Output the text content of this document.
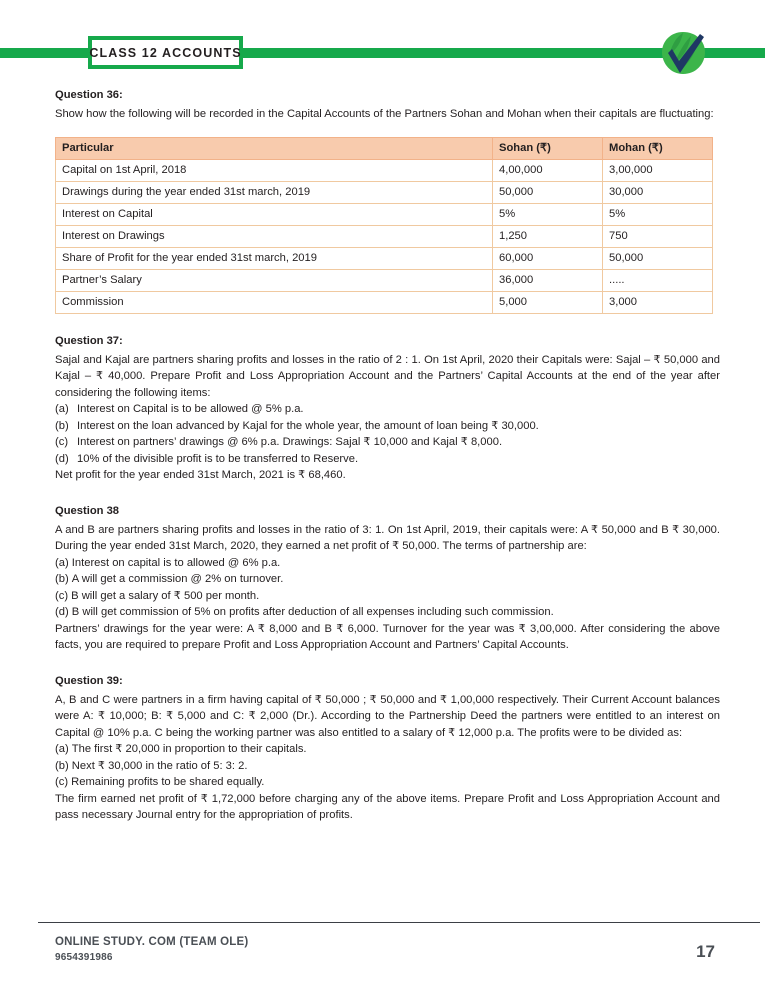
CLASS 12 ACCOUNTS

Question 36:

Show how the following will be recorded in the Capital Accounts of the Partners Sohan and Mohan when their capitals are fluctuating:

Particular	Sohan (₹)	Mohan (₹)
Capital on 1st April, 2018	4,00,000	3,00,000
Drawings during the year ended 31st march, 2019	50,000	30,000
Interest on Capital	5%	5%
Interest on Drawings	1,250	750
Share of Profit for the year ended 31st march, 2019	60,000	50,000
Partner’s Salary	36,000	.....
Commission	5,000	3,000

Question 37:

Sajal and Kajal are partners sharing profits and losses in the ratio of 2 : 1. On 1st April, 2020 their Capitals were: Sajal – ₹ 50,000 and Kajal – ₹ 40,000. Prepare Profit and Loss Appropriation Account and the Partners’ Capital Accounts at the end of the year after considering the following items:

(a) Interest on Capital is to be allowed @ 5% p.a.

(b) Interest on the loan advanced by Kajal for the whole year, the amount of loan being ₹ 30,000.

(c) Interest on partners’ drawings @ 6% p.a. Drawings: Sajal ₹ 10,000 and Kajal ₹ 8,000.

(d) 10% of the divisible profit is to be transferred to Reserve.

Net profit for the year ended 31st March, 2021 is ₹ 68,460.

Question 38

A and B are partners sharing profits and losses in the ratio of 3: 1. On 1st April, 2019, their capitals were: A ₹ 50,000 and B ₹ 30,000. During the year ended 31st March, 2020, they earned a net profit of ₹ 50,000. The terms of partnership are:

(a) Interest on capital is to allowed @ 6% p.a.

(b) A will get a commission @ 2% on turnover.

(c) B will get a salary of ₹ 500 per month.

(d) B will get commission of 5% on profits after deduction of all expenses including such commission.

Partners’ drawings for the year were: A ₹ 8,000 and B ₹ 6,000. Turnover for the year was ₹ 3,00,000. After considering the above facts, you are required to prepare Profit and Loss Appropriation Account and Partners’ Capital Accounts.

Question 39:

A, B and C were partners in a firm having capital of ₹ 50,000 ; ₹ 50,000 and ₹ 1,00,000 respectively. Their Current Account balances were A: ₹ 10,000; B: ₹ 5,000 and C: ₹ 2,000 (Dr.). According to the Partnership Deed the partners were entitled to an interest on Capital @ 10% p.a. C being the working partner was also entitled to a salary of ₹ 12,000 p.a. The profits were to be divided as:

(a) The first ₹ 20,000 in proportion to their capitals.

(b) Next ₹ 30,000 in the ratio of 5: 3: 2.

(c) Remaining profits to be shared equally.

The firm earned net profit of ₹ 1,72,000 before charging any of the above items. Prepare Profit and Loss Appropriation Account and pass necessary Journal entry for the appropriation of profits.

ONLINE STUDY. COM (TEAM OLE)
9654391986	17
